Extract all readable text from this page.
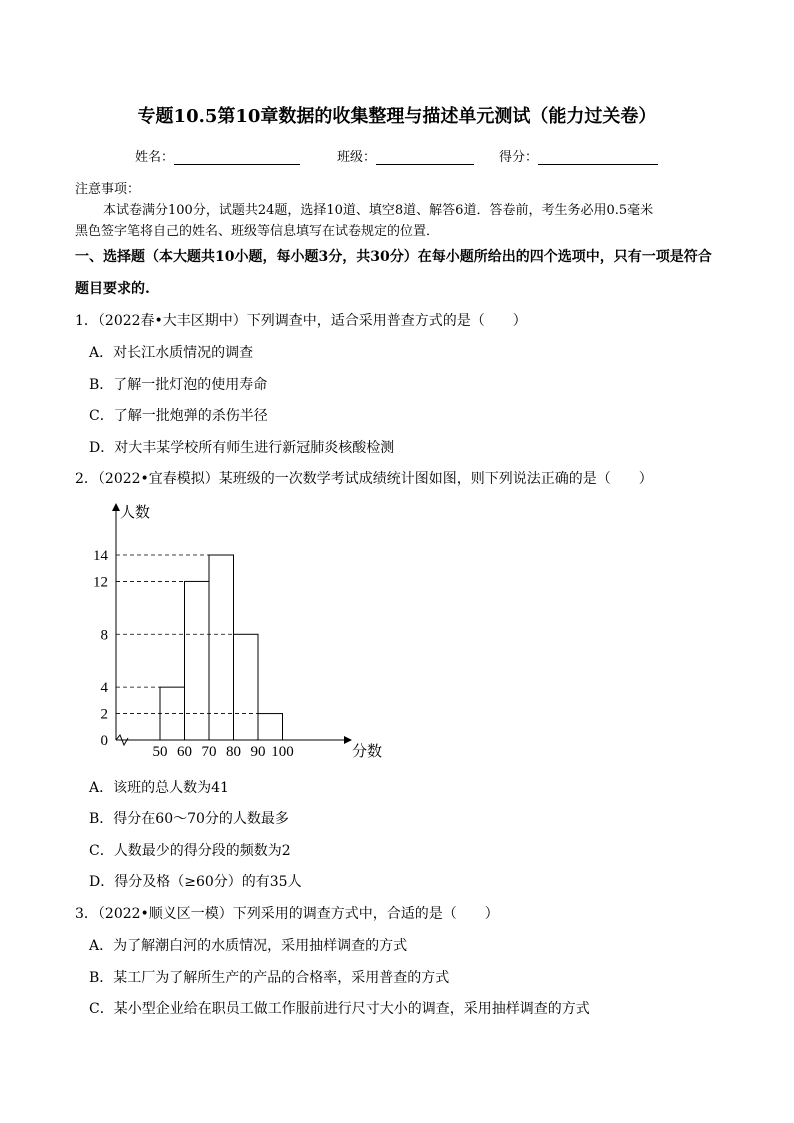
专题10.5第10章数据的收集整理与描述单元测试（能力过关卷）
姓名：	班级：	得分：
注意事项：
本试卷满分100分，试题共24题，选择10道、填空8道、解答6道．答卷前，考生务必用0.5毫米
黑色签字笔将自己的姓名、班级等信息填写在试卷规定的位置．
一、选择题（本大题共10小题，每小题3分，共30分）在每小题所给出的四个选项中，只有一项是符合
题目要求的.
1．（2022春•大丰区期中）下列调查中，适合采用普查方式的是（　　）
A．对长江水质情况的调查
B．了解一批灯泡的使用寿命
C．了解一批炮弹的杀伤半径
D．对大丰某学校所有师生进行新冠肺炎核酸检测
2．（2022•宜春模拟）某班级的一次数学考试成绩统计图如图，则下列说法正确的是（　　）
人数
分数
0
2
4
8
12
14
50 60 70 80 90 100
A．该班的总人数为41
B．得分在60～70分的人数最多
C．人数最少的得分段的频数为2
D．得分及格（≥60分）的有35人
3．（2022•顺义区一模）下列采用的调查方式中，合适的是（　　）
A．为了解潮白河的水质情况，采用抽样调查的方式
B．某工厂为了解所生产的产品的合格率，采用普查的方式
C．某小型企业给在职员工做工作服前进行尺寸大小的调查，采用抽样调查的方式
